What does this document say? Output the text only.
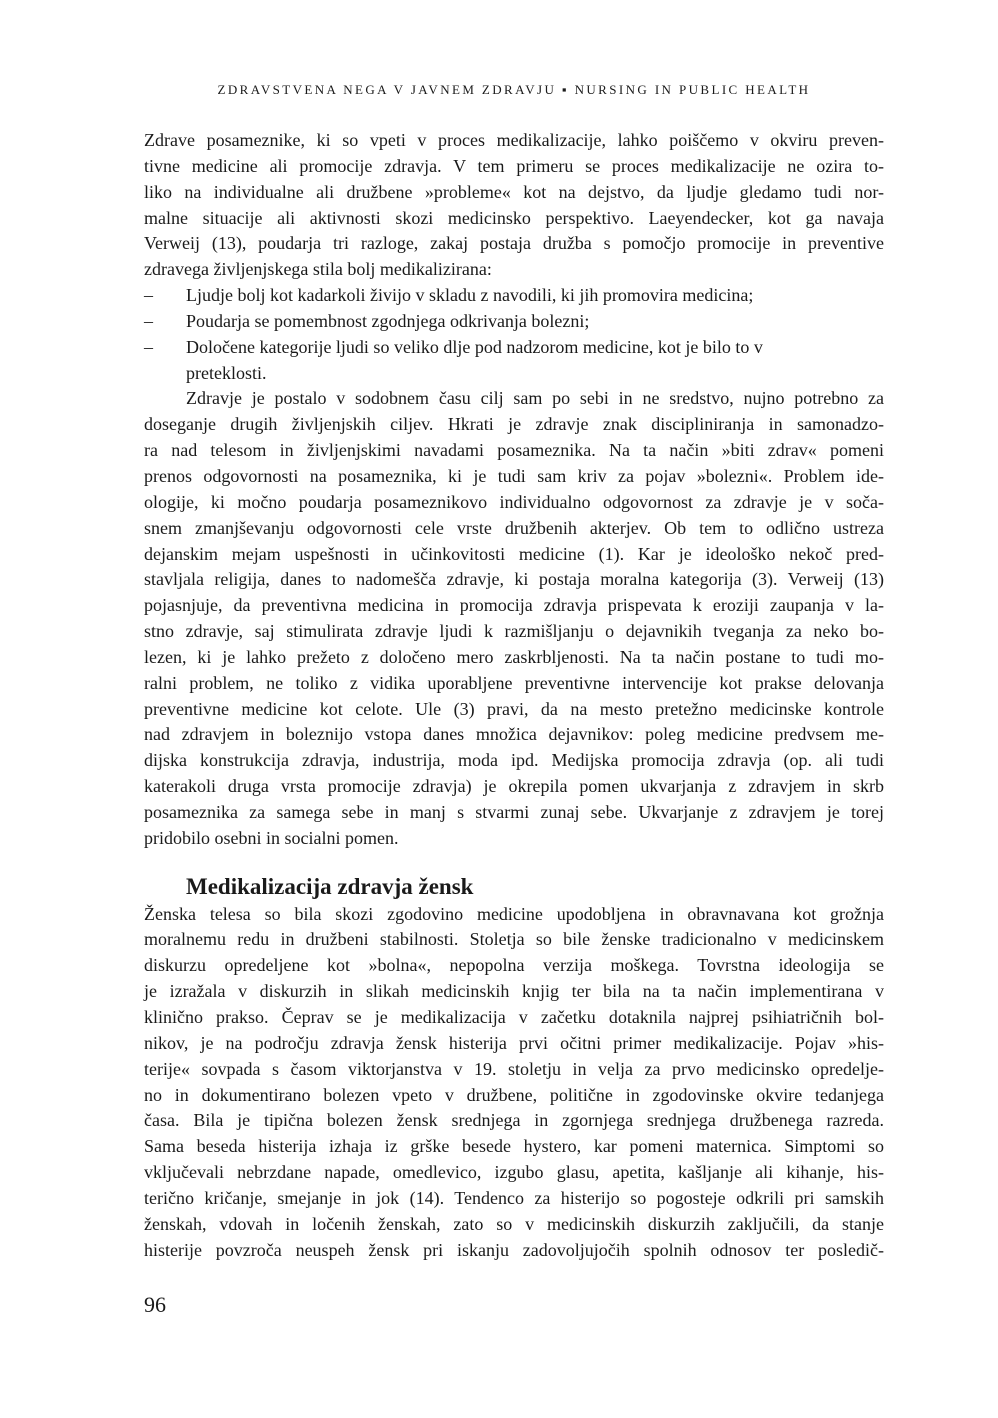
ZDRAVSTVENA NEGA V JAVNEM ZDRAVJU ▪ NURSING IN PUBLIC HEALTH
Zdrave posameznike, ki so vpeti v proces medikalizacije, lahko poiščemo v okviru preven-
tivne medicine ali promocije zdravja. V tem primeru se proces medikalizacije ne ozira to-
liko na individualne ali družbene »probleme« kot na dejstvo, da ljudje gledamo tudi nor-
malne situacije ali aktivnosti skozi medicinsko perspektivo. Laeyendecker, kot ga navaja
Verweij (13), poudarja tri razloge, zakaj postaja družba s pomočjo promocije in preventive
zdravega življenjskega stila bolj medikalizirana:
–	Ljudje bolj kot kadarkoli živijo v skladu z navodili, ki jih promovira medicina;
–	Poudarja se pomembnost zgodnjega odkrivanja bolezni;
–	Določene kategorije ljudi so veliko dlje pod nadzorom medicine, kot je bilo to v
preteklosti.
Zdravje je postalo v sodobnem času cilj sam po sebi in ne sredstvo, nujno potrebno za
doseganje drugih življenjskih ciljev. Hkrati je zdravje znak discipliniranja in samonadzo-
ra nad telesom in življenjskimi navadami posameznika. Na ta način »biti zdrav« pomeni
prenos odgovornosti na posameznika, ki je tudi sam kriv za pojav »bolezni«. Problem ide-
ologije, ki močno poudarja posameznikovo individualno odgovornost za zdravje je v soča-
snem zmanjševanju odgovornosti cele vrste družbenih akterjev. Ob tem to odlično ustreza
dejanskim mejam uspešnosti in učinkovitosti medicine (1). Kar je ideološko nekoč pred-
stavljala religija, danes to nadomešča zdravje, ki postaja moralna kategorija (3). Verweij (13)
pojasnjuje, da preventivna medicina in promocija zdravja prispevata k eroziji zaupanja v la-
stno zdravje, saj stimulirata zdravje ljudi k razmišljanju o dejavnikih tveganja za neko bo-
lezen, ki je lahko prežeto z določeno mero zaskrbljenosti. Na ta način postane to tudi mo-
ralni problem, ne toliko z vidika uporabljene preventivne intervencije kot prakse delovanja
preventivne medicine kot celote. Ule (3) pravi, da na mesto pretežno medicinske kontrole
nad zdravjem in boleznijo vstopa danes množica dejavnikov: poleg medicine predvsem me-
dijska konstrukcija zdravja, industrija, moda ipd. Medijska promocija zdravja (op. ali tudi
katerakoli druga vrsta promocije zdravja) je okrepila pomen ukvarjanja z zdravjem in skrb
posameznika za samega sebe in manj s stvarmi zunaj sebe. Ukvarjanje z zdravjem je torej
pridobilo osebni in socialni pomen.
Medikalizacija zdravja žensk
Ženska telesa so bila skozi zgodovino medicine upodobljena in obravnavana kot grožnja
moralnemu redu in družbeni stabilnosti. Stoletja so bile ženske tradicionalno v medicinskem
diskurzu opredeljene kot »bolna«, nepopolna verzija moškega. Tovrstna ideologija se
je izražala v diskurzih in slikah medicinskih knjig ter bila na ta način implementirana v
klinično prakso. Čeprav se je medikalizacija v začetku dotaknila najprej psihiatričnih bol-
nikov, je na področju zdravja žensk histerija prvi očitni primer medikalizacije. Pojav »his-
terije« sovpada s časom viktorjanstva v 19. stoletju in velja za prvo medicinsko opredelje-
no in dokumentirano bolezen vpeto v družbene, politične in zgodovinske okvire tedanjega
časa. Bila je tipična bolezen žensk srednjega in zgornjega srednjega družbenega razreda.
Sama beseda histerija izhaja iz grške besede hystero, kar pomeni maternica. Simptomi so
vključevali nebrzdane napade, omedlevico, izgubo glasu, apetita, kašljanje ali kihanje, his-
terično kričanje, smejanje in jok (14). Tendenco za histerijo so pogosteje odkrili pri samskih
ženskah, vdovah in ločenih ženskah, zato so v medicinskih diskurzih zaključili, da stanje
histerije povzroča neuspeh žensk pri iskanju zadovoljujočih spolnih odnosov ter posledič-
96
